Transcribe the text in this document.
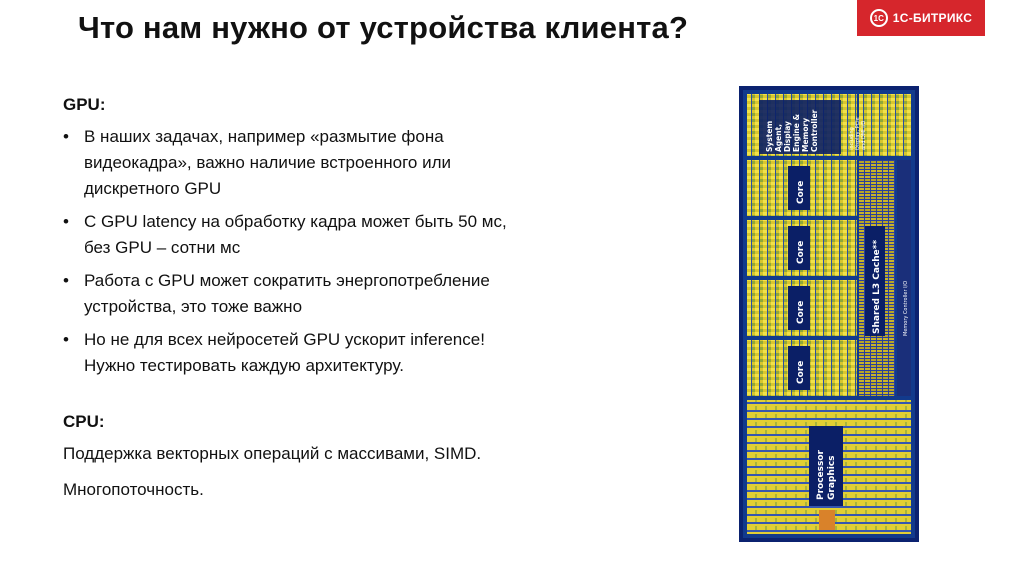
Что нам нужно от устройства клиента?	1С 1С-БИТРИКС
GPU:
• В наших задачах, например «размытие фона
видеокадра», важно наличие встроенного или
дискретного GPU
• C GPU latency на обработку кадра может быть 50 мс,
без GPU – сотни мс
• Работа с GPU может сократить энергопотребление
устройства, это тоже важно
• Но не для всех нейросетей GPU ускорит inference!
Нужно тестировать каждую архитектуру.
CPU:
Поддержка векторных операций с массивами, SIMD.
Многопоточность.
System Agent, Display Engine & Memory Controller	including Display, PCIe and DMI I/O
Core
Core
Core
Core
Shared L3 Cache**	Memory Controller I/O
Processor Graphics
